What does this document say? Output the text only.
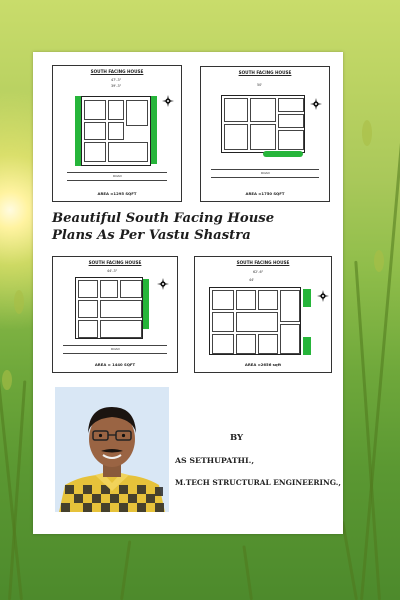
SOUTH FACING HOUSE
47'-3"
39'-3"
ROAD
AREA =1295 SQFT
SOUTH FACING HOUSE
50'
ROAD
AREA =1750 SQFT
Beautiful South Facing House
Plans As Per Vastu Shastra
SOUTH FACING HOUSE
44'-3"
ROAD
AREA = 1440 SQFT
SOUTH FACING HOUSE
62'-6"
44'
AREA =2656 sqft
BY
AS SETHUPATHI.,
M.TECH STRUCTURAL ENGINEERING.,
